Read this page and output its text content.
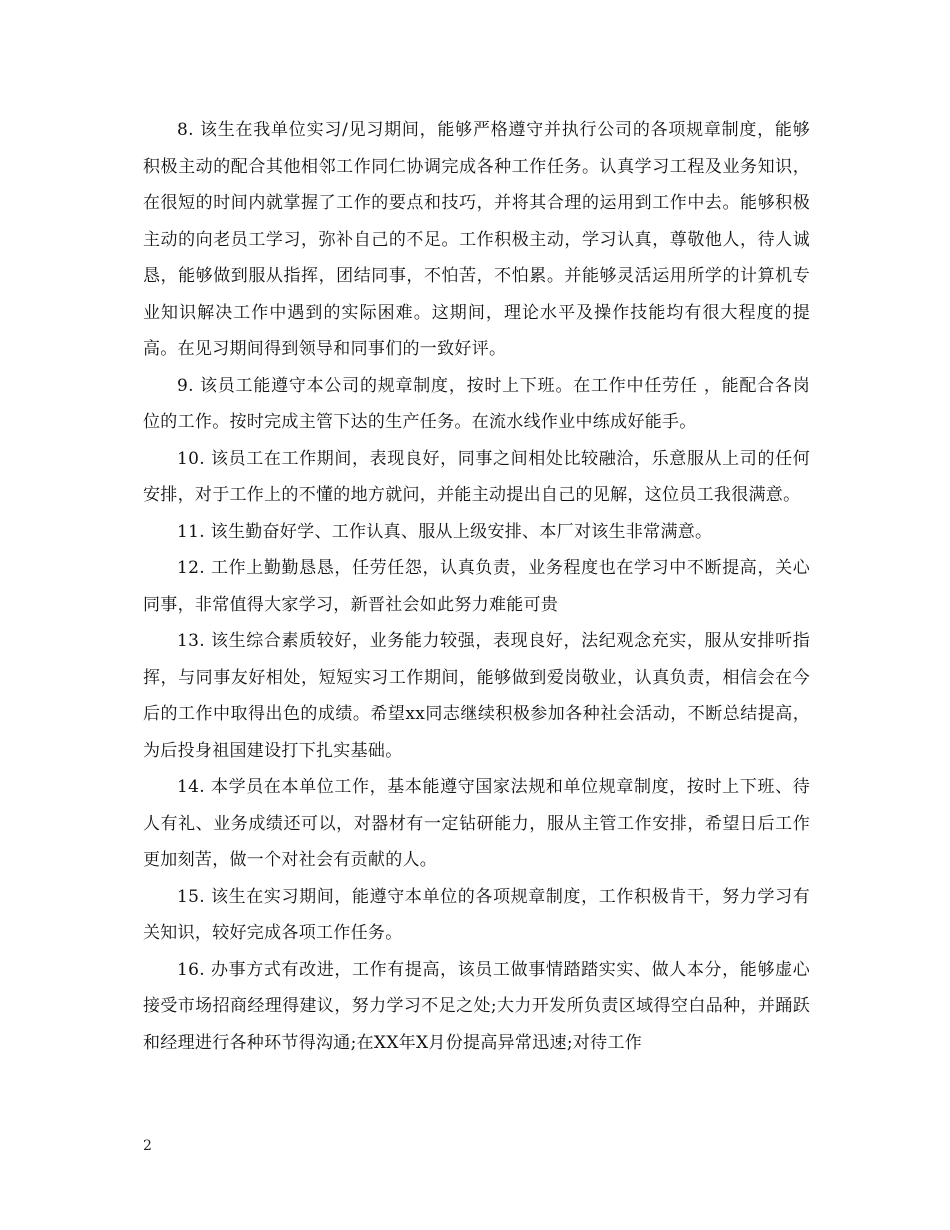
8. 该生在我单位实习/见习期间，能够严格遵守并执行公司的各项规章制度，能够积极主动的配合其他相邻工作同仁协调完成各种工作任务。认真学习工程及业务知识，在很短的时间内就掌握了工作的要点和技巧，并将其合理的运用到工作中去。能够积极主动的向老员工学习，弥补自己的不足。工作积极主动，学习认真，尊敬他人，待人诚恳，能够做到服从指挥，团结同事，不怕苦，不怕累。并能够灵活运用所学的计算机专业知识解决工作中遇到的实际困难。这期间，理论水平及操作技能均有很大程度的提高。在见习期间得到领导和同事们的一致好评。

9. 该员工能遵守本公司的规章制度，按时上下班。在工作中任劳任 ，能配合各岗位的工作。按时完成主管下达的生产任务。在流水线作业中练成好能手。

10. 该员工在工作期间，表现良好，同事之间相处比较融洽，乐意服从上司的任何安排，对于工作上的不懂的地方就问，并能主动提出自己的见解，这位员工我很满意。

11. 该生勤奋好学、工作认真、服从上级安排、本厂对该生非常满意。

12. 工作上勤勤恳恳，任劳任怨，认真负责，业务程度也在学习中不断提高，关心同事，非常值得大家学习，新晋社会如此努力难能可贵

13. 该生综合素质较好，业务能力较强，表现良好，法纪观念充实，服从安排听指挥，与同事友好相处，短短实习工作期间，能够做到爱岗敬业，认真负责，相信会在今后的工作中取得出色的成绩。希望xx同志继续积极参加各种社会活动，不断总结提高，为后投身祖国建设打下扎实基础。

14. 本学员在本单位工作，基本能遵守国家法规和单位规章制度，按时上下班、待人有礼、业务成绩还可以，对器材有一定钻研能力，服从主管工作安排，希望日后工作更加刻苦，做一个对社会有贡献的人。

15. 该生在实习期间，能遵守本单位的各项规章制度，工作积极肯干，努力学习有关知识，较好完成各项工作任务。

16. 办事方式有改进，工作有提高，该员工做事情踏踏实实、做人本分，能够虚心接受市场招商经理得建议，努力学习不足之处;大力开发所负责区域得空白品种，并踊跃和经理进行各种环节得沟通;在XX年X月份提高异常迅速;对待工作

2
